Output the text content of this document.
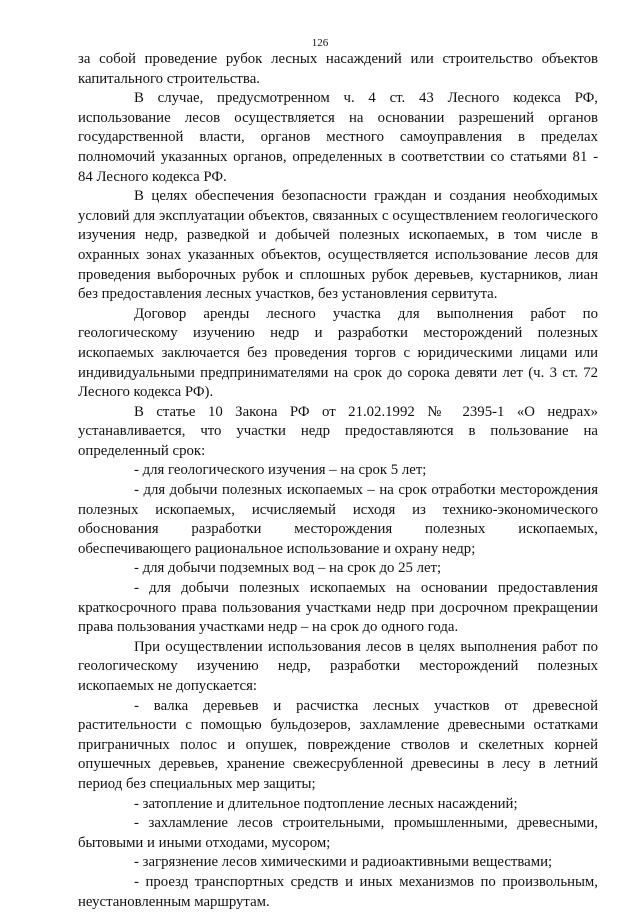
126

за собой проведение рубок лесных насаждений или строительство объектов капитального строительства.

В случае, предусмотренном ч. 4 ст. 43 Лесного кодекса РФ, использование лесов осуществляется на основании разрешений органов государственной власти, органов местного самоуправления в пределах полномочий указанных органов, определенных в соответствии со статьями 81 - 84 Лесного кодекса РФ.

В целях обеспечения безопасности граждан и создания необходимых условий для эксплуатации объектов, связанных с осуществлением геологического изучения недр, разведкой и добычей полезных ископаемых, в том числе в охранных зонах указанных объектов, осуществляется использование лесов для проведения выборочных рубок и сплошных рубок деревьев, кустарников, лиан без предоставления лесных участков, без установления сервитута.

Договор аренды лесного участка для выполнения работ по геологическому изучению недр и разработки месторождений полезных ископаемых заключается без проведения торгов с юридическими лицами или индивидуальными предпринимателями на срок до сорока девяти лет (ч. 3 ст. 72 Лесного кодекса РФ).

В статье 10 Закона РФ от 21.02.1992 № 2395-1 «О недрах» устанавливается, что участки недр предоставляются в пользование на определенный срок:

- для геологического изучения – на срок 5 лет;

- для добычи полезных ископаемых – на срок отработки месторождения полезных ископаемых, исчисляемый исходя из технико-экономического обоснования разработки месторождения полезных ископаемых, обеспечивающего рациональное использование и охрану недр;

- для добычи подземных вод – на срок до 25 лет;

- для добычи полезных ископаемых на основании предоставления краткосрочного права пользования участками недр при досрочном прекращении права пользования участками недр – на срок до одного года.

При осуществлении использования лесов в целях выполнения работ по геологическому изучению недр, разработки месторождений полезных ископаемых не допускается:

- валка деревьев и расчистка лесных участков от древесной растительности с помощью бульдозеров, захламление древесными остатками приграничных полос и опушек, повреждение стволов и скелетных корней опушечных деревьев, хранение свежесрубленной древесины в лесу в летний период без специальных мер защиты;

- затопление и длительное подтопление лесных насаждений;

- захламление лесов строительными, промышленными, древесными, бытовыми и иными отходами, мусором;

- загрязнение лесов химическими и радиоактивными веществами;

- проезд транспортных средств и иных механизмов по произвольным, неустановленным маршрутам.
